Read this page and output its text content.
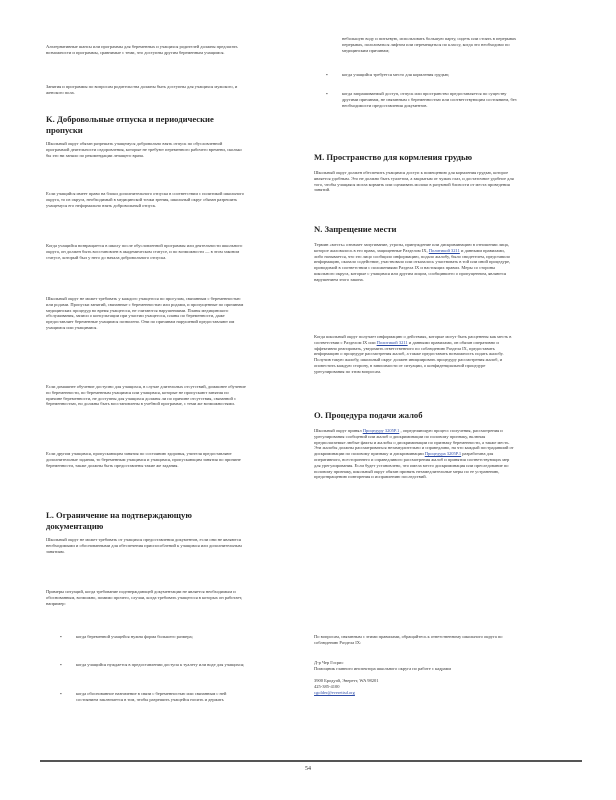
Альтернативные шансы или программы для беременных и учащихся родителей должны предлагать возможности и программы, сравнимые с теми, что доступны другим беременным учащимся.

Занятия и программы по вопросам родительства должны быть доступны для учащихся мужского, и женского пола.

K. Добровольные отпуска и периодические пропуски

Школьный округ обязан разрешать учащемуся добровольно взять отпуск по обусловленной программой деятельности оздоровления, которые не требуют переменного рабочего времени, сколько бы это ни заняло по рекомендации лечащего врача.

Если учащийся имеет право на блоки дополнительного отпуска в соответствии с политикой школьного округа, то из округа, необходимый в медицинской точки зрения, школьный округ обязан разрешить учащемуся его неформально взять добровольный отпуск.

Когда учащийся возвращается в школу после обусловленной программы или деятельности школьного округа, он должен быть восстановлен в академическом статусе, и по возможности — в этом законом статусе, который был у него до начала добровольного отпуска.

Школьный округ не может требовать у каждого учащегося по прогулам, связанным с беременностью или родами. Пропуски занятий, связанные с беременностью или родами, и пропущенные по причинам медицинских процедур во время учащегося, не считаются нарушениями. Планы медицинского обслуживания, записи о консультации при участии учащегося, планы по беременности, даже предоставляет беременные учащимся позволено. Они по причинам нарушений предоставляют им учащимся или учащимися.

Если домашнее обучение доступно для учащихся, в случае длительных отсутствий, домашнее обучение по беременности, по беременным учащимся или учащимся, которые не пропускают занятия по причине беременности, не доступны для учащихся должны ли по причине отсутствия, связанной с беременностью, но должны быть восстановлены в учебной программе, с теми же возможностями.

Если другим учащимся, пропускающим занятия по состоянию здоровья, учителя предоставляют дополнительные задания, то беременным учащимся и учащимся, пропускающим занятия по причине беременности, также должны быть предоставлены такие же задания.

L. Ограничение на подтверждающую документацию

Школьный округ не может требовать от учащихся предоставления документов, если они не являются необходимыми и обоснованными для обеспечения приспособлений к учащимся или дополнительным занятиям.

Примеры ситуаций, когда требование подтверждающей документации не является необходимым и обоснованным, возможно, помимо прочего, случаи, когда требовать учащегося в которых он работает, например:

▪	когда беременной учащейся нужна форма большего размера;

▪	когда учащийся нуждается в предоставлении доступа к туалету или воде для учащихся;

▪	когда обоснованное назначение в связи с беременностью или связанным с ней состоянием заключается в том, чтобы разрешить учащейся носить и держать

небольшую воду и питьевую, использовать большую парту, сидеть или стоять в перерывах перерывах, пользоваться лифтом или перемещаться по классу, когда это необходимо по медицинским причинам;

▪	когда учащийся требуется место для кормления грудью;

▪	когда запрашиваемый доступ, отпуск или пространство предоставляется по существу другими причинам, не связанным с беременностью или соответствующим состоянием, без необходимости предоставления документов.

M. Пространство для кормления грудью

Школьный округ должен обеспечить учащимся доступ к помещению для кормления грудью, которое является удобным. Это не должно быть туалетом, а закрытым от чужих глаз, и достаточное удобное для того, чтобы учащаяся могла кормить или сцеживать молоко в разумной близости от места проведения занятий.

N. Запрещение мести

Термин «месть» означает запугивание, угрозы, принуждение или дискриминацию в отношении лица, которое жаловалось в его права, защищенные Разделом IX, Политикой 3211 и данными правилами, либо называется, что это лицо сообщило информацию, подало жалобу, было свидетелем, представило информацию, оказало содействие, участвовало или отказалось участвовать в той или иной процедуре, проводимой в соответствии с положениями Раздела IX и настоящих правил. Меры со стороны школьного округа, которые с учащимся или другим лицом, сообщившего о пропущенном, являются нарушением этого закона.

Когда школьный округ получает информацию о действиях, которые могут быть расценены как месть в соответствии с Разделом IX или Политикой 3211 и данными правилами, он обязан оперативно и эффективно реагировать, уведомить ответственного по соблюдению Раздела IX, предоставить информацию о процедуре рассмотрения жалоб, а также предоставить возможность подать жалобу. Получив такую жалобу, школьный округ должен инициировать процедуру рассмотрения жалоб, и оповестить каждую сторону, в зависимости от ситуации, о конфиденциальной процедуре урегулирования по этим вопросам.

O. Процедура подачи жалоб

Школьный округ принял Процедуру 3205P.1 , определяющую процесс получения, рассмотрения и урегулирования сообщений или жалоб о дискриминации по половому признаку, включая предполагаемые любые факты и жалобы о дискриминации по признаку беременности, а также месть. Эти жалобы должны рассматриваться незамедлительно и справедливо, на что каждый пострадавший от дискриминации по половому признаку и дискриминации Процедура 3205P.1 разработана для оперативного, всестороннего и справедливого рассмотрения жалоб и принятия соответствующих мер для урегулирования. Если будет установлено, что имела место дискриминация или преследование по половому признаку, школьный округ обязан принять незамедлительные меры по ее устранению, предотвращению повторения и исправлению последствий.

По вопросам, связанным с этими правилами, обращайтесь к ответственному школьного округа по соблюдению Раздела IX:

Д-р Чер Госрис

Помощник главного инспектора школьного округа по работе с кадрами

3900 Бродуэй, Эверетт, WA 98201

425-385-4100

cgolder@everettsd.org

54
